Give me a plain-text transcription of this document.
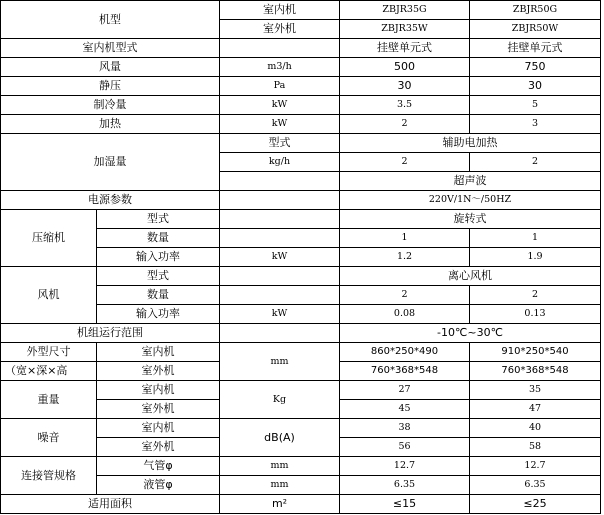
机型		室内机	ZBJR35G	ZBJR50G
		室外机	ZBJR35W	ZBJR50W
室内机型式			挂壁单元式	挂壁单元式
风量		m3/h	500	750
静压		Pa	30	30
制冷量		kW	3.5	5
加热		kW	2	3
加湿量		型式	辅助电加热	
		kg/h	2	2
			超声波	
电源参数			220V/1N～/50HZ	
压缩机	型式		旋转式	
	数量		1	1
	输入功率	kW	1.2	1.9
风机	型式		离心风机	
	数量		2	2
	输入功率	kW	0.08	0.13
机组运行范围			-10℃~30℃	
外型尺寸	室内机	mm	860*250*490	910*250*540
（宽×深×高	室外机		760*368*548	760*368*548
重量	室内机	Kg	27	35
	室外机		45	47
噪音	室内机	dB(A)	38	40
	室外机		56	58
连接管规格	气管φ	mm	12.7	12.7
	液管φ	mm	6.35	6.35
适用面积		m²	≤15	≤25
